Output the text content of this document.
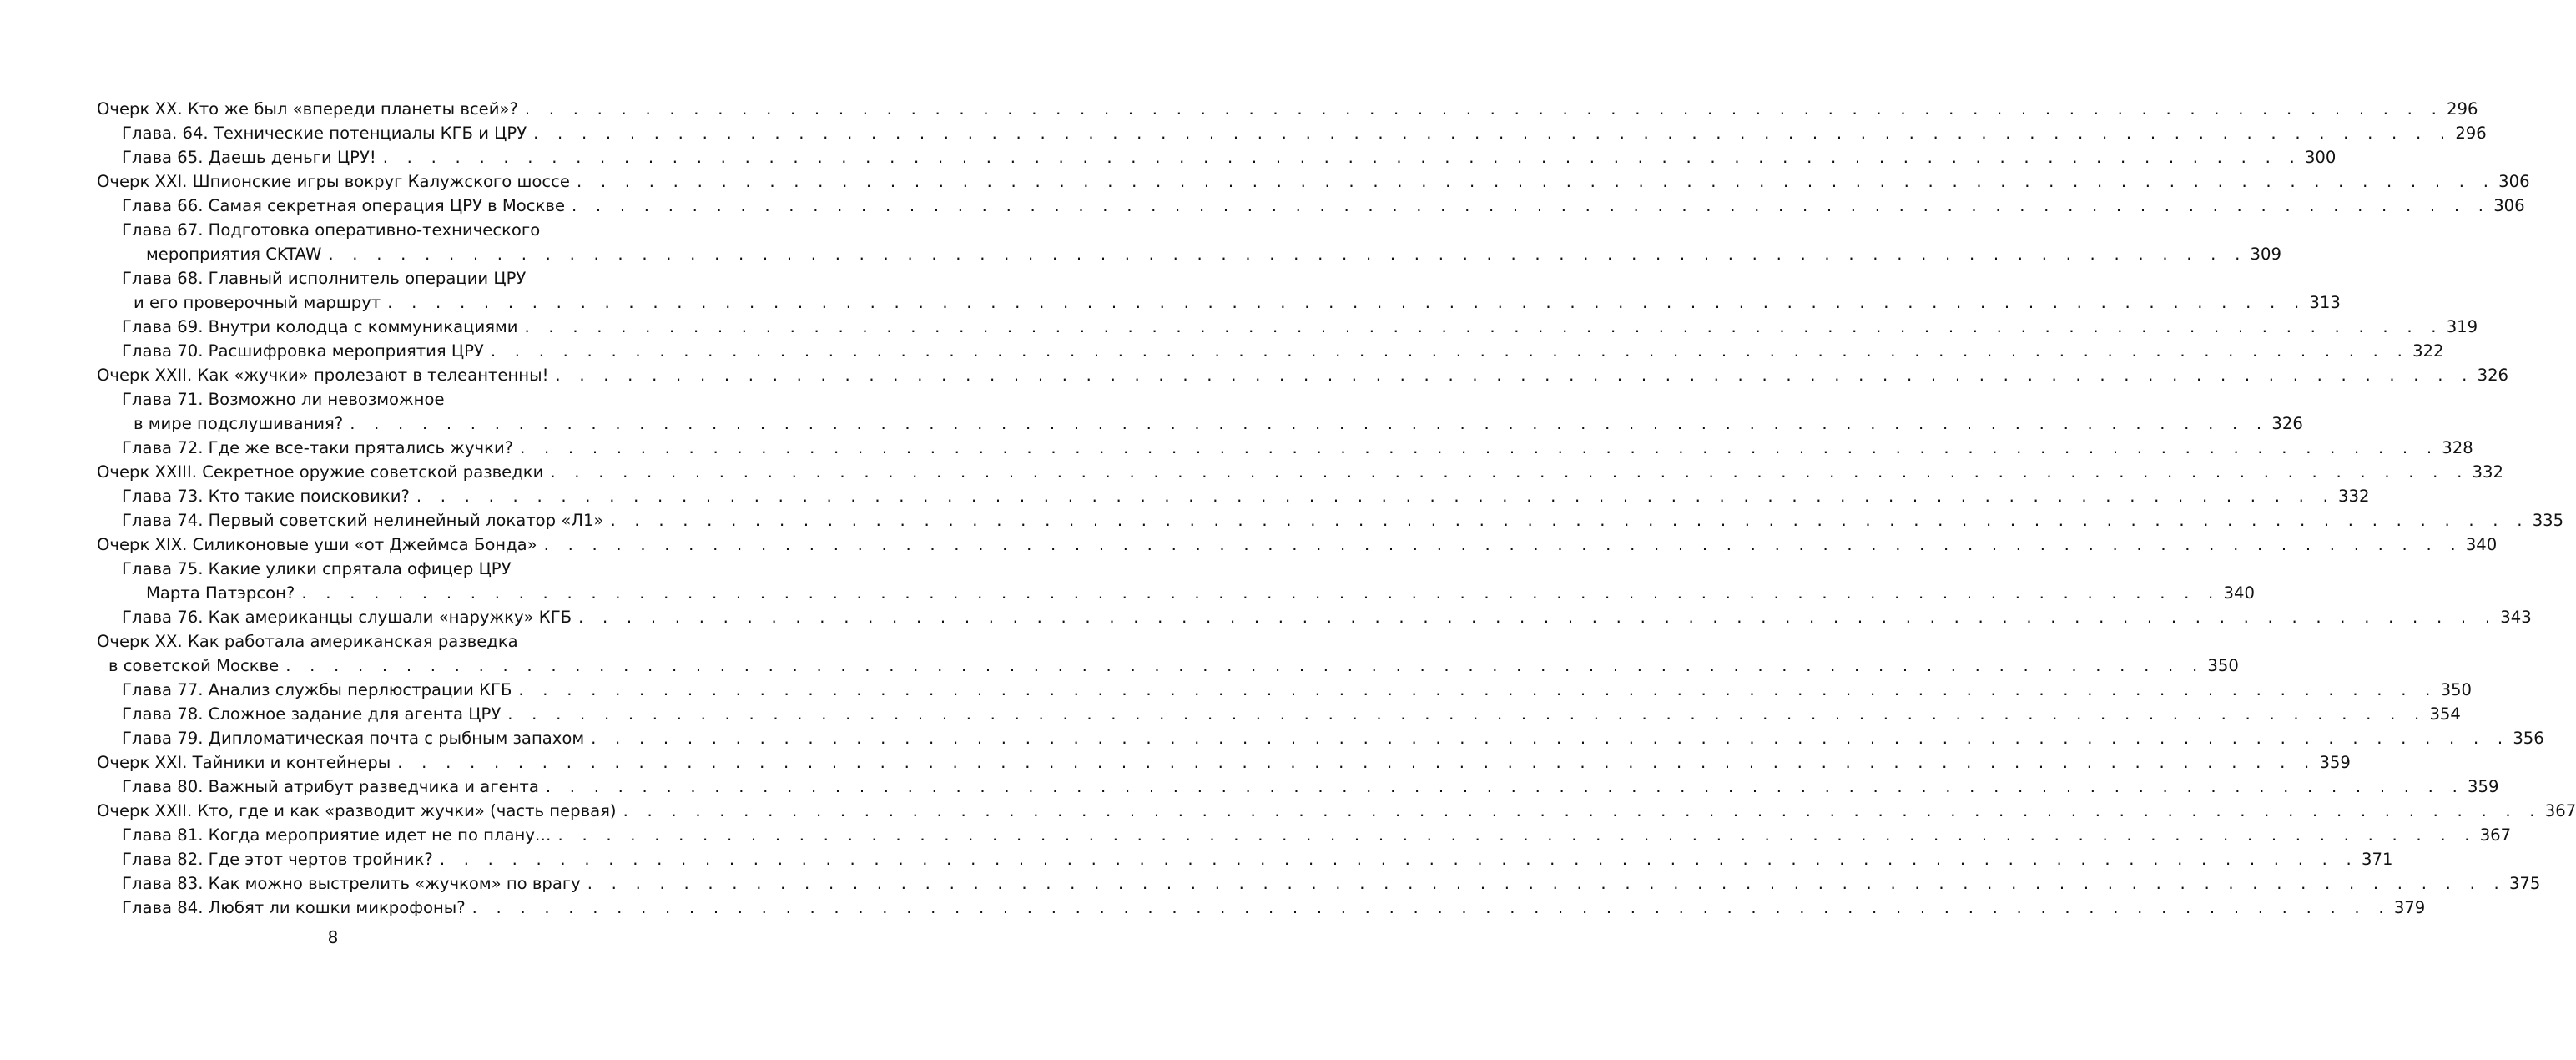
Очерк XX. Кто же был «впереди планеты всей»? . . . . . . . . . . . . . . . . . . . . . . . . . . . . . . . . . . . . . . . . . . . . . . . . . . . . . . . . . . . . . . . . . . . . . . . . . . . . . . . . 296
Глава. 64. Технические потенциалы КГБ и ЦРУ . . . . . . . . . . . . . . . . . . . . . . . . . . . . . . . . . . . . . . . . . . . . . . . . . . . . . . . . . . . . . . . . . . . . . . . . . . . . . . . . 296
Глава 65. Даешь деньги ЦРУ! . . . . . . . . . . . . . . . . . . . . . . . . . . . . . . . . . . . . . . . . . . . . . . . . . . . . . . . . . . . . . . . . . . . . . . . . . . . . . . . . 300
Очерк XXI. Шпионские игры вокруг Калужского шоссе . . . . . . . . . . . . . . . . . . . . . . . . . . . . . . . . . . . . . . . . . . . . . . . . . . . . . . . . . . . . . . . . . . . . . . . . . . . . . . . . 306
Глава 66. Самая секретная операция ЦРУ в Москве . . . . . . . . . . . . . . . . . . . . . . . . . . . . . . . . . . . . . . . . . . . . . . . . . . . . . . . . . . . . . . . . . . . . . . . . . . . . . . . . 306
Глава 67. Подготовка оперативно-технического
мероприятия CKTAW . . . . . . . . . . . . . . . . . . . . . . . . . . . . . . . . . . . . . . . . . . . . . . . . . . . . . . . . . . . . . . . . . . . . . . . . . . . . . . . . 309
Глава 68. Главный исполнитель операции ЦРУ
и его проверочный маршрут . . . . . . . . . . . . . . . . . . . . . . . . . . . . . . . . . . . . . . . . . . . . . . . . . . . . . . . . . . . . . . . . . . . . . . . . . . . . . . . . 313
Глава 69. Внутри колодца с коммуникациями . . . . . . . . . . . . . . . . . . . . . . . . . . . . . . . . . . . . . . . . . . . . . . . . . . . . . . . . . . . . . . . . . . . . . . . . . . . . . . . . 319
Глава 70. Расшифровка мероприятия ЦРУ . . . . . . . . . . . . . . . . . . . . . . . . . . . . . . . . . . . . . . . . . . . . . . . . . . . . . . . . . . . . . . . . . . . . . . . . . . . . . . . . 322
Очерк XXII. Как «жучки» пролезают в телеантенны! . . . . . . . . . . . . . . . . . . . . . . . . . . . . . . . . . . . . . . . . . . . . . . . . . . . . . . . . . . . . . . . . . . . . . . . . . . . . . . . . 326
Глава 71. Возможно ли невозможное
в мире подслушивания? . . . . . . . . . . . . . . . . . . . . . . . . . . . . . . . . . . . . . . . . . . . . . . . . . . . . . . . . . . . . . . . . . . . . . . . . . . . . . . . . 326
Глава 72. Где же все-таки прятались жучки? . . . . . . . . . . . . . . . . . . . . . . . . . . . . . . . . . . . . . . . . . . . . . . . . . . . . . . . . . . . . . . . . . . . . . . . . . . . . . . . . 328
Очерк XXIII. Секретное оружие советской разведки . . . . . . . . . . . . . . . . . . . . . . . . . . . . . . . . . . . . . . . . . . . . . . . . . . . . . . . . . . . . . . . . . . . . . . . . . . . . . . . . 332
Глава 73. Кто такие поисковики? . . . . . . . . . . . . . . . . . . . . . . . . . . . . . . . . . . . . . . . . . . . . . . . . . . . . . . . . . . . . . . . . . . . . . . . . . . . . . . . . 332
Глава 74. Первый советский нелинейный локатор «Л1» . . . . . . . . . . . . . . . . . . . . . . . . . . . . . . . . . . . . . . . . . . . . . . . . . . . . . . . . . . . . . . . . . . . . . . . . . . . . . . . . 335
Очерк XIX. Силиконовые уши «от Джеймса Бонда» . . . . . . . . . . . . . . . . . . . . . . . . . . . . . . . . . . . . . . . . . . . . . . . . . . . . . . . . . . . . . . . . . . . . . . . . . . . . . . . . 340
Глава 75. Какие улики спрятала офицер ЦРУ
Марта Патэрсон? . . . . . . . . . . . . . . . . . . . . . . . . . . . . . . . . . . . . . . . . . . . . . . . . . . . . . . . . . . . . . . . . . . . . . . . . . . . . . . . . 340
Глава 76. Как американцы слушали «наружку» КГБ . . . . . . . . . . . . . . . . . . . . . . . . . . . . . . . . . . . . . . . . . . . . . . . . . . . . . . . . . . . . . . . . . . . . . . . . . . . . . . . . 343
Очерк XX. Как работала американская разведка
в советской Москве . . . . . . . . . . . . . . . . . . . . . . . . . . . . . . . . . . . . . . . . . . . . . . . . . . . . . . . . . . . . . . . . . . . . . . . . . . . . . . . . 350
Глава 77. Анализ службы перлюстрации КГБ . . . . . . . . . . . . . . . . . . . . . . . . . . . . . . . . . . . . . . . . . . . . . . . . . . . . . . . . . . . . . . . . . . . . . . . . . . . . . . . . 350
Глава 78. Сложное задание для агента ЦРУ . . . . . . . . . . . . . . . . . . . . . . . . . . . . . . . . . . . . . . . . . . . . . . . . . . . . . . . . . . . . . . . . . . . . . . . . . . . . . . . . 354
Глава 79. Дипломатическая почта с рыбным запахом . . . . . . . . . . . . . . . . . . . . . . . . . . . . . . . . . . . . . . . . . . . . . . . . . . . . . . . . . . . . . . . . . . . . . . . . . . . . . . . . 356
Очерк XXI. Тайники и контейнеры . . . . . . . . . . . . . . . . . . . . . . . . . . . . . . . . . . . . . . . . . . . . . . . . . . . . . . . . . . . . . . . . . . . . . . . . . . . . . . . . 359
Глава 80. Важный атрибут разведчика и агента . . . . . . . . . . . . . . . . . . . . . . . . . . . . . . . . . . . . . . . . . . . . . . . . . . . . . . . . . . . . . . . . . . . . . . . . . . . . . . . . 359
Очерк XXII. Кто, где и как «разводит жучки» (часть первая) . . . . . . . . . . . . . . . . . . . . . . . . . . . . . . . . . . . . . . . . . . . . . . . . . . . . . . . . . . . . . . . . . . . . . . . . . . . . . . . . 367
Глава 81. Когда мероприятие идет не по плану… . . . . . . . . . . . . . . . . . . . . . . . . . . . . . . . . . . . . . . . . . . . . . . . . . . . . . . . . . . . . . . . . . . . . . . . . . . . . . . . . 367
Глава 82. Где этот чертов тройник? . . . . . . . . . . . . . . . . . . . . . . . . . . . . . . . . . . . . . . . . . . . . . . . . . . . . . . . . . . . . . . . . . . . . . . . . . . . . . . . . 371
Глава 83. Как можно выстрелить «жучком» по врагу . . . . . . . . . . . . . . . . . . . . . . . . . . . . . . . . . . . . . . . . . . . . . . . . . . . . . . . . . . . . . . . . . . . . . . . . . . . . . . . . 375
Глава 84. Любят ли кошки микрофоны? . . . . . . . . . . . . . . . . . . . . . . . . . . . . . . . . . . . . . . . . . . . . . . . . . . . . . . . . . . . . . . . . . . . . . . . . . . . . . . . . 379
8
